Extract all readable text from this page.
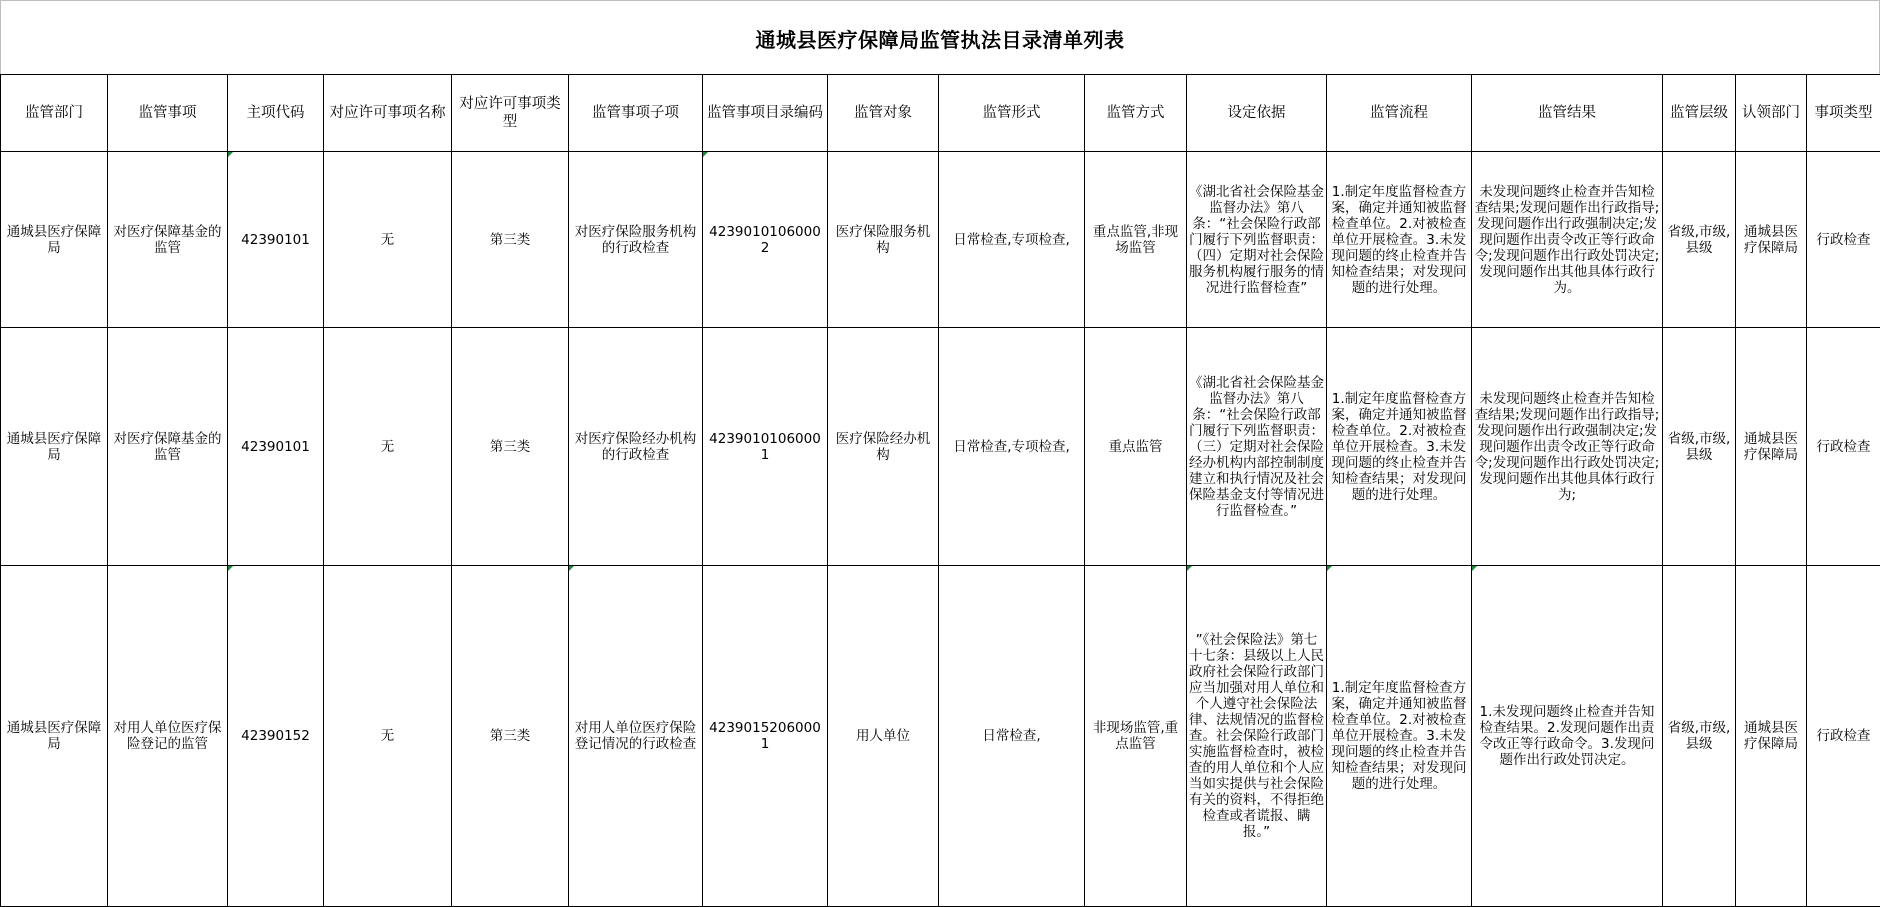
通城县医疗保障局监管执法目录清单列表
监管部门	监管事项	主项代码	对应许可事项名称	对应许可事项类型	监管事项子项	监管事项目录编码	监管对象	监管形式	监管方式	设定依据	监管流程	监管结果	监管层级	认领部门	事项类型
通城县医疗保障局	对医疗保障基金的监管	42390101	无	第三类	对医疗保险服务机构的行政检查	42390101060002	医疗保险服务机构	日常检查,专项检查,	重点监管,非现场监管	《湖北省社会保险基金监督办法》第八条：“社会保险行政部门履行下列监督职责：（四）定期对社会保险服务机构履行服务的情况进行监督检查”	1.制定年度监督检查方案，确定并通知被监督检查单位。2.对被检查单位开展检查。3.未发现问题的终止检查并告知检查结果；对发现问题的进行处理。	未发现问题终止检查并告知检查结果;发现问题作出行政指导;发现问题作出行政强制决定;发现问题作出责令改正等行政命令;发现问题作出行政处罚决定;发现问题作出其他具体行政行为。	省级,市级,县级	通城县医疗保障局	行政检查
通城县医疗保障局	对医疗保障基金的监管	42390101	无	第三类	对医疗保险经办机构的行政检查	42390101060001	医疗保险经办机构	日常检查,专项检查,	重点监管	《湖北省社会保险基金监督办法》第八条：“社会保险行政部门履行下列监督职责：（三）定期对社会保险经办机构内部控制制度建立和执行情况及社会保险基金支付等情况进行监督检查。”	1.制定年度监督检查方案，确定并通知被监督检查单位。2.对被检查单位开展检查。3.未发现问题的终止检查并告知检查结果；对发现问题的进行处理。	未发现问题终止检查并告知检查结果;发现问题作出行政指导;发现问题作出行政强制决定;发现问题作出责令改正等行政命令;发现问题作出行政处罚决定;发现问题作出其他具体行政行为;	省级,市级,县级	通城县医疗保障局	行政检查
通城县医疗保障局	对用人单位医疗保险登记的监管	42390152	无	第三类	对用人单位医疗保险登记情况的行政检查	42390152060001	用人单位	日常检查,	非现场监管,重点监管	”《社会保险法》第七十七条：县级以上人民政府社会保险行政部门应当加强对用人单位和个人遵守社会保险法律、法规情况的监督检查。社会保险行政部门实施监督检查时，被检查的用人单位和个人应当如实提供与社会保险有关的资料，不得拒绝检查或者谎报、瞒报。”	1.制定年度监督检查方案，确定并通知被监督检查单位。2.对被检查单位开展检查。3.未发现问题的终止检查并告知检查结果；对发现问题的进行处理。	1.未发现问题终止检查并告知检查结果。2.发现问题作出责令改正等行政命令。3.发现问题作出行政处罚决定。	省级,市级,县级	通城县医疗保障局	行政检查
